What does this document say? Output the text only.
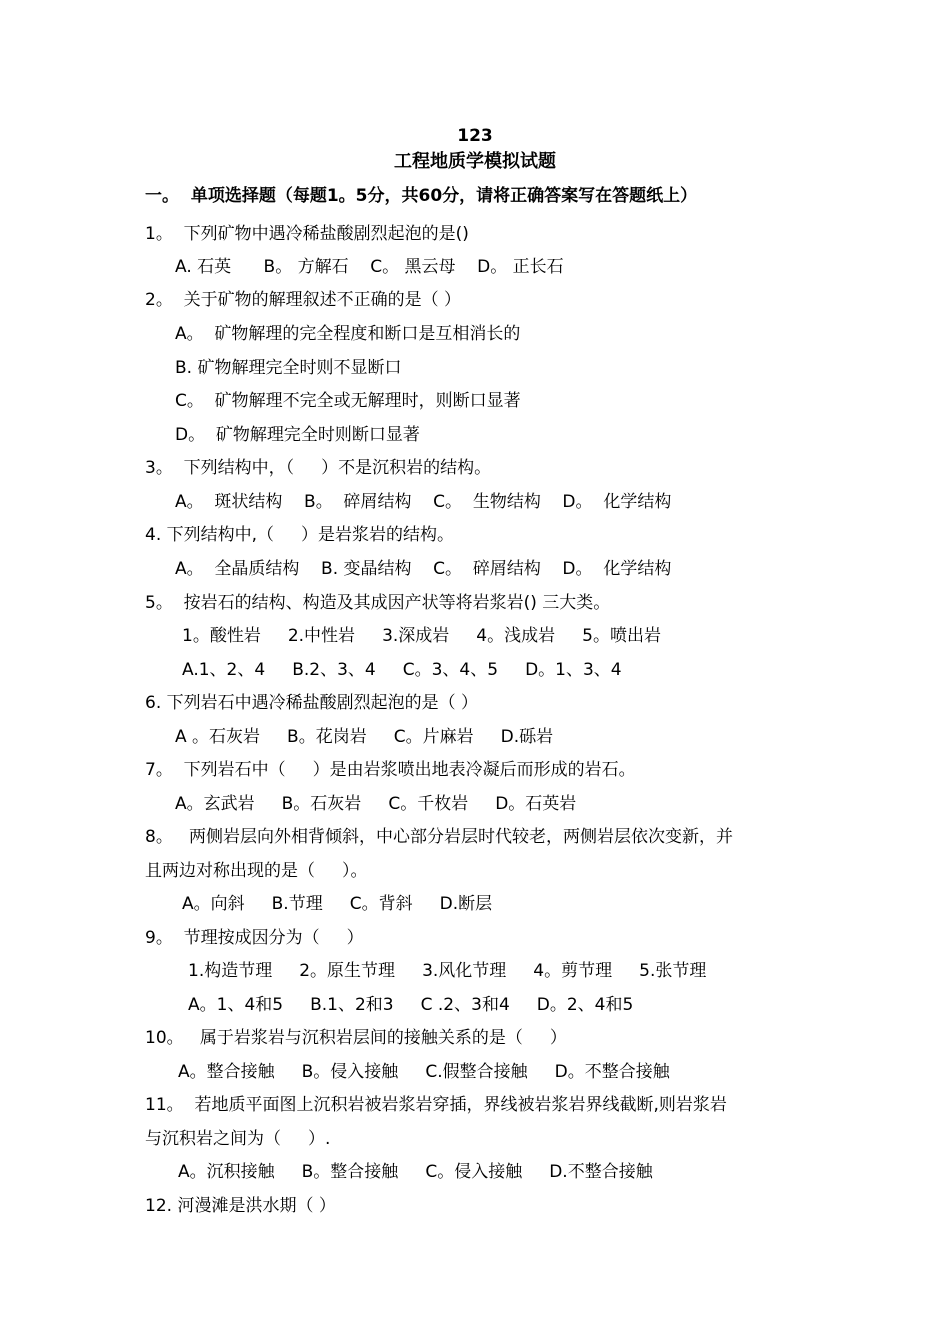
123
工程地质学模拟试题
一。  单项选择题（每题1。5分，共60分，请将正确答案写在答题纸上）
1。  下列矿物中遇冷稀盐酸剧烈起泡的是()
A. 石英      B。 方解石    C。 黑云母    D。 正长石
2。  关于矿物的解理叙述不正确的是（ ）
A。  矿物解理的完全程度和断口是互相消长的
B. 矿物解理完全时则不显断口
C。  矿物解理不完全或无解理时，则断口显著
D。  矿物解理完全时则断口显著
3。  下列结构中，（     ）不是沉积岩的结构。
A。  斑状结构    B。  碎屑结构    C。  生物结构    D。  化学结构
4. 下列结构中,（     ）是岩浆岩的结构。
A。  全晶质结构    B. 变晶结构    C。  碎屑结构    D。  化学结构
5。  按岩石的结构、构造及其成因产状等将岩浆岩() 三大类。
1。酸性岩     2.中性岩     3.深成岩     4。浅成岩     5。喷出岩
A.1、2、4     B.2、3、4     C。3、4、5     D。1、3、4
6. 下列岩石中遇冷稀盐酸剧烈起泡的是（ ）
A 。石灰岩     B。花岗岩     C。片麻岩     D.砾岩
7。  下列岩石中（     ）是由岩浆喷出地表冷凝后而形成的岩石。
A。玄武岩     B。石灰岩     C。千枚岩     D。石英岩
8。   两侧岩层向外相背倾斜，中心部分岩层时代较老，两侧岩层依次变新，并
且两边对称出现的是（     ）。
A。向斜     B.节理     C。背斜     D.断层
9。  节理按成因分为（     ）
1.构造节理     2。原生节理     3.风化节理     4。剪节理     5.张节理
A。1、4和5     B.1、2和3     C .2、3和4     D。2、4和5
10。   属于岩浆岩与沉积岩层间的接触关系的是（     ）
A。整合接触     B。侵入接触     C.假整合接触     D。不整合接触
11。  若地质平面图上沉积岩被岩浆岩穿插，界线被岩浆岩界线截断,则岩浆岩
与沉积岩之间为（     ）.
A。沉积接触     B。整合接触     C。侵入接触     D.不整合接触
12. 河漫滩是洪水期（ ）
